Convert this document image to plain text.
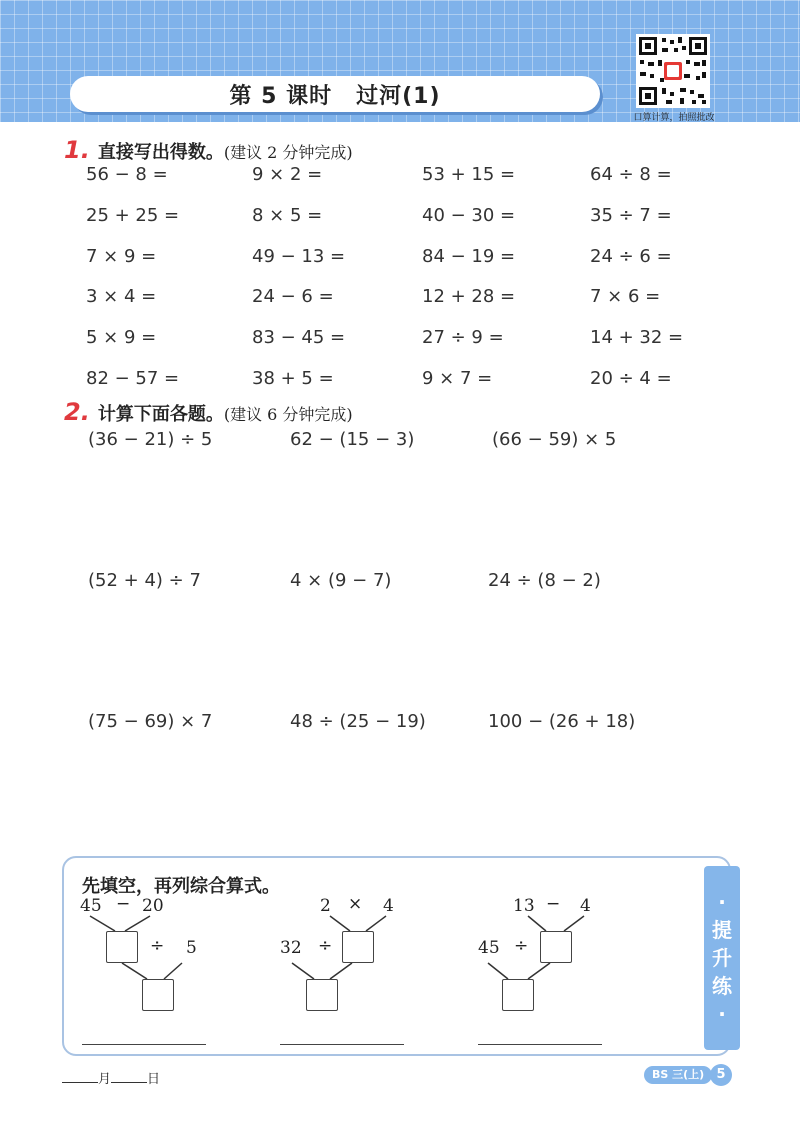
第 5 课时 过河(1)
口算计算，拍照批改
1. 直接写出得数。 (建议 2 分钟完成)
56 − 8 =	9 × 2 =	53 + 15 =	64 ÷ 8 =
25 + 25 =	8 × 5 =	40 − 30 =	35 ÷ 7 =
7 × 9 =	49 − 13 =	84 − 19 =	24 ÷ 6 =
3 × 4 =	24 − 6 =	12 + 28 =	7 × 6 =
5 × 9 =	83 − 45 =	27 ÷ 9 =	14 + 32 =
82 − 57 =	38 + 5 =	9 × 7 =	20 ÷ 4 =
2. 计算下面各题。 (建议 6 分钟完成)
(36 − 21) ÷ 5	62 − (15 − 3)	(66 − 59) × 5
(52 + 4) ÷ 7	4 × (9 − 7)	24 ÷ (8 − 2)
(75 − 69) × 7	48 ÷ (25 − 19)	100 − (26 + 18)
先填空，再列综合算式。
·
提
升
练
·
45 − 20
÷ 5
2 × 4
32 ÷
13 − 4
45 ÷
月	日	BS 三(上) 5
